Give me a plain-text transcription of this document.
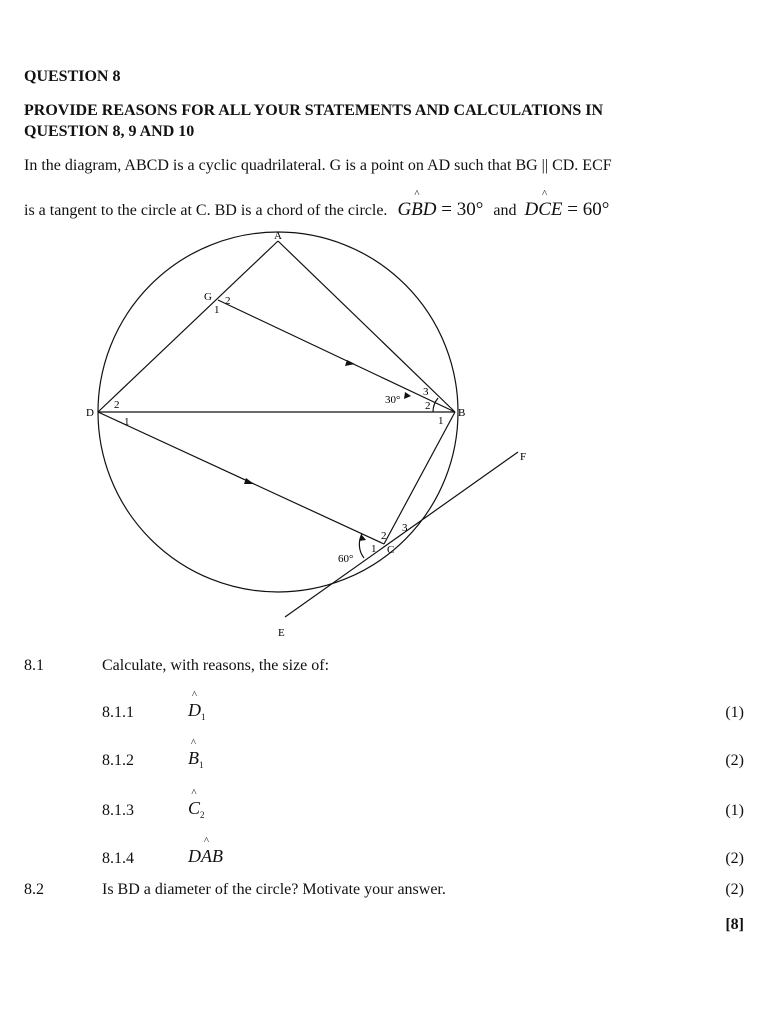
QUESTION 8
PROVIDE REASONS FOR ALL YOUR STATEMENTS AND CALCULATIONS IN
QUESTION 8, 9 AND 10
In the diagram, ABCD is a cyclic quadrilateral. G is a point on AD such that BG || CD. ECF
is a tangent to the circle at C. BD is a chord of the circle. G^ BD = 30° and D^ CE = 60°
A
B
C
D
E
F
G
1
2
2
1
30°
3
2
1
3
2
1
60°
8.1	Calculate, with reasons, the size of:
8.1.1	^ $D_1$	(1)
8.1.2	^ $B_1$	(2)
8.1.3	^ $C_2$	(1)
8.1.4	D^ AB	(2)
8.2	Is BD a diameter of the circle? Motivate your answer.	(2)
[8]
